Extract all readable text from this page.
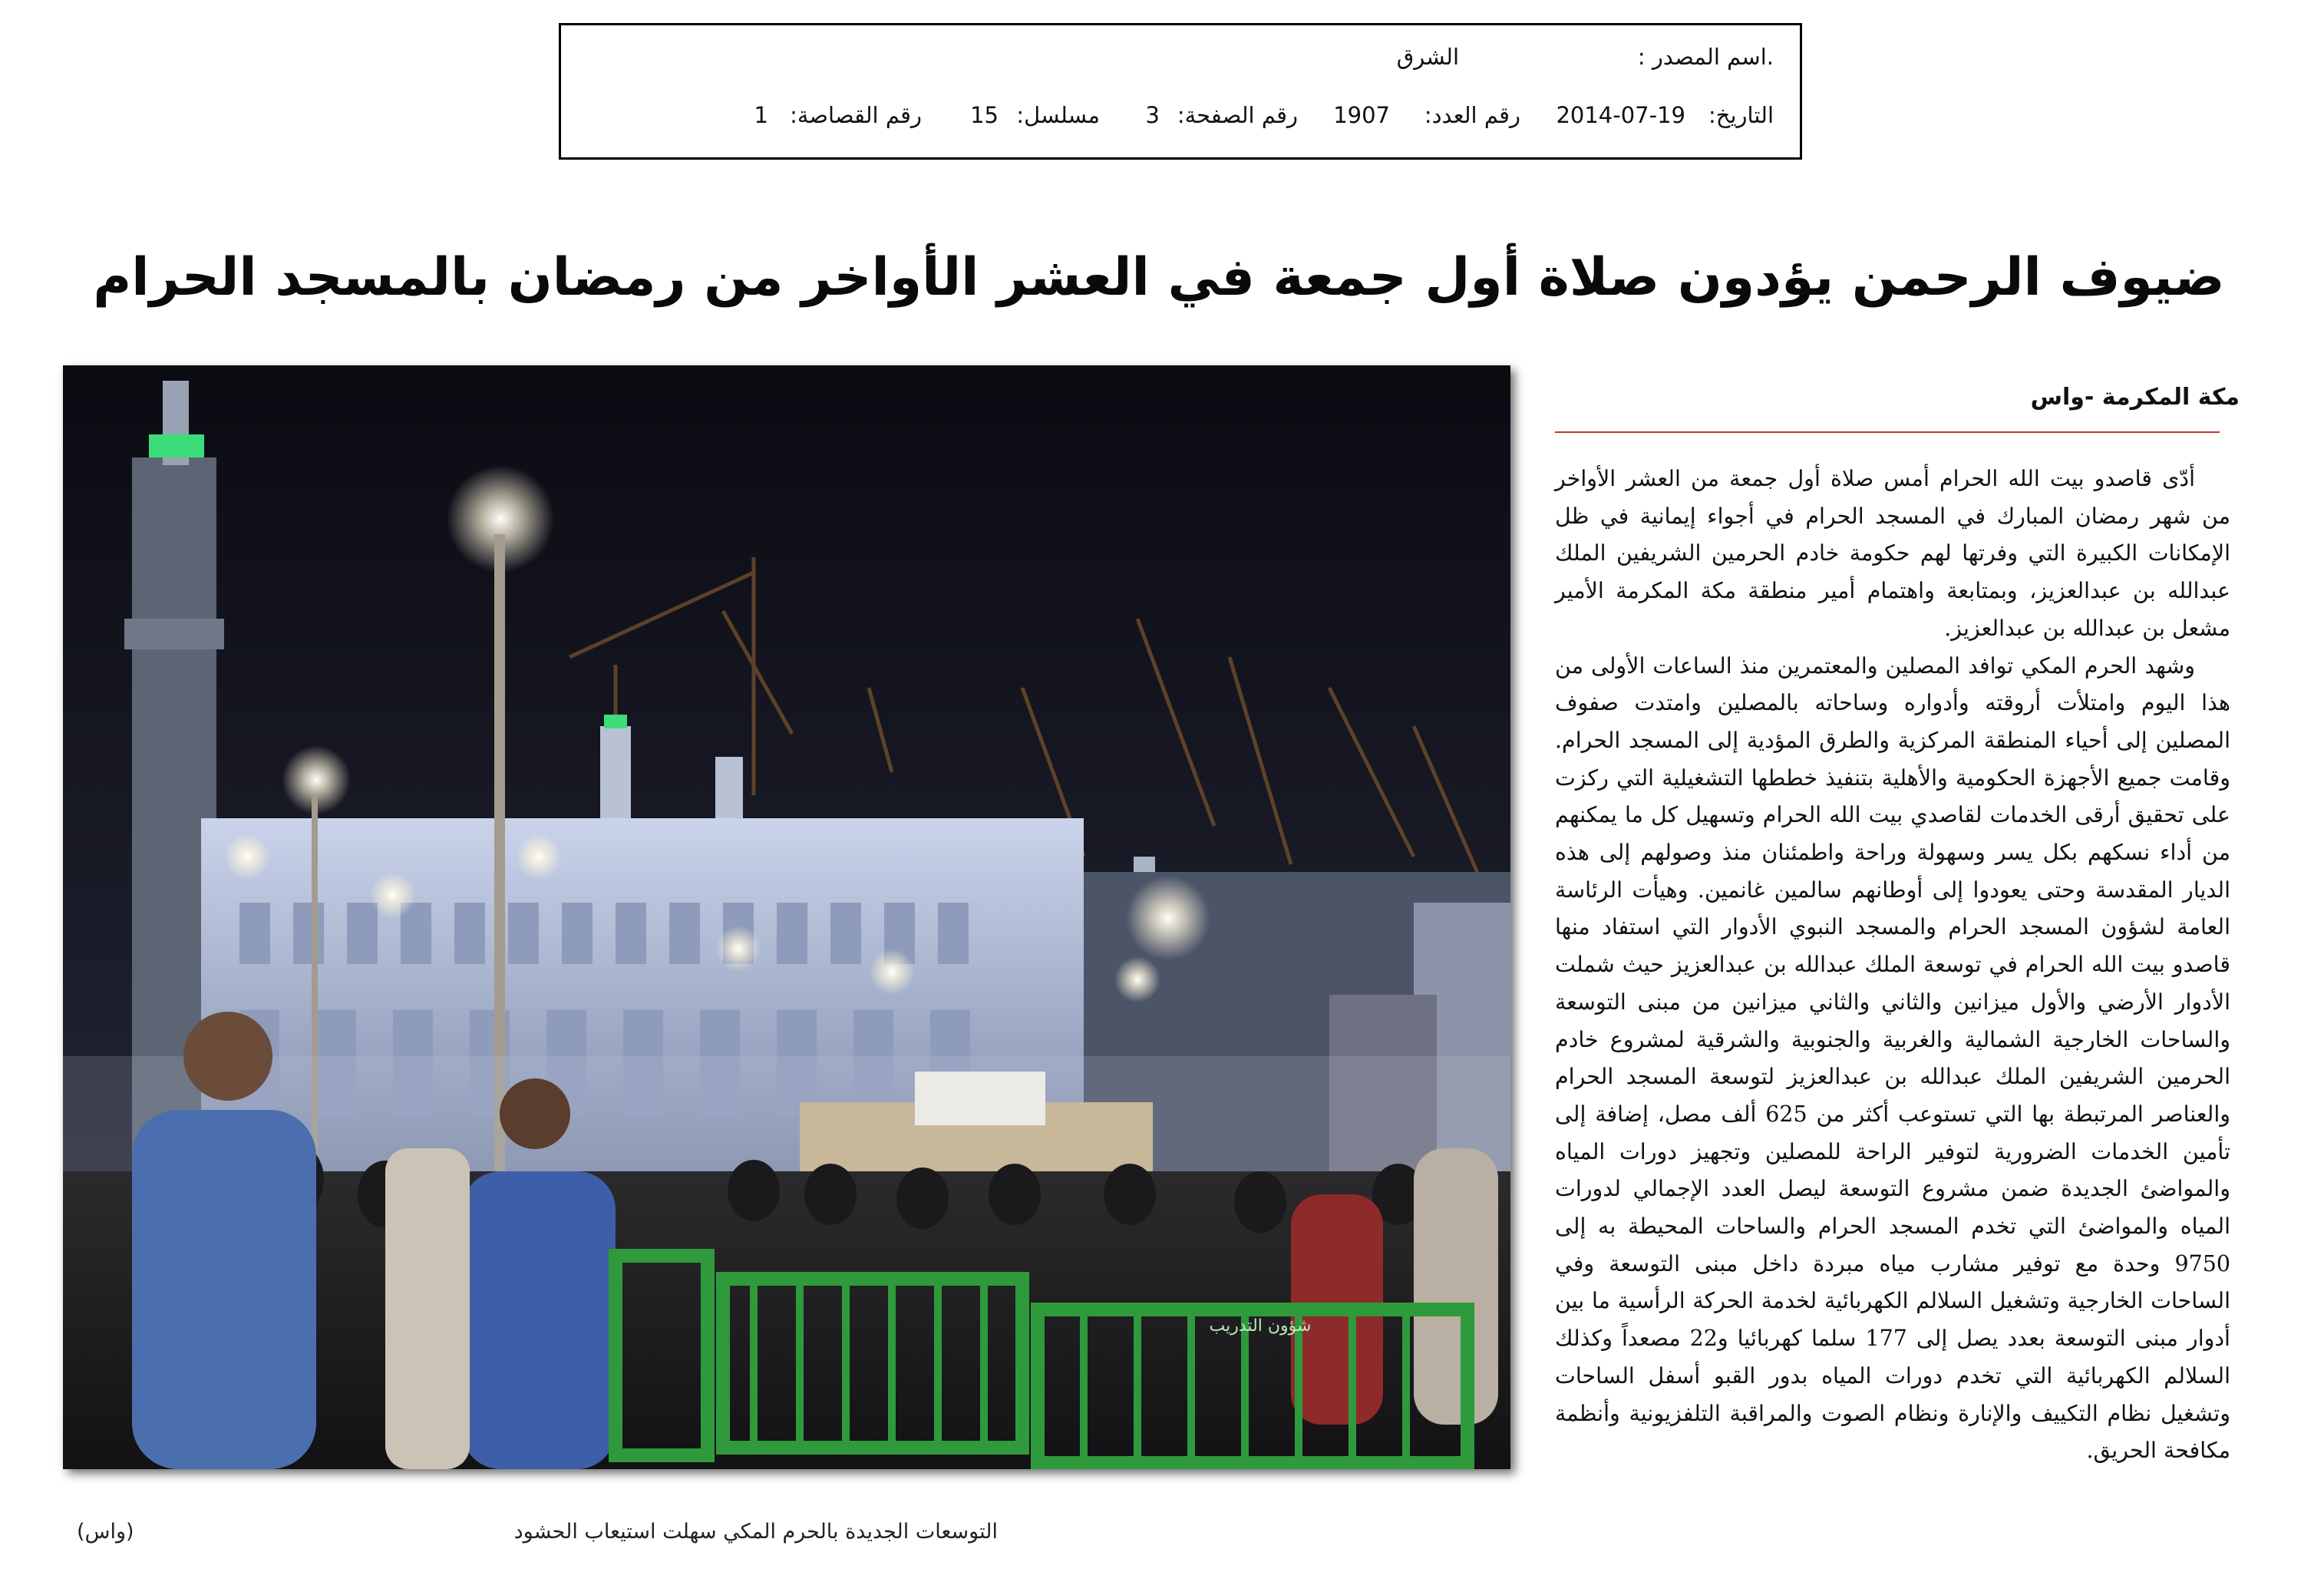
.اسم المصدر :
الشرق
التاريخ:
2014-07-19
رقم العدد:
1907
رقم الصفحة:
3
مسلسل:
15
رقم القصاصة:
1
ضيوف الرحمن يؤدون صلاة أول جمعة في العشر الأواخر من رمضان بالمسجد الحرام
شؤون التدريب
التوسعات الجديدة بالحرم المكي سهلت استيعاب الحشود
(واس)
مكة المكرمة -واس

أدّى قاصدو بيت الله الحرام أمس صلاة أول جمعة من العشر الأواخر من شهر رمضان المبارك في المسجد الحرام في أجواء إيمانية في ظل الإمكانات الكبيرة التي وفرتها لهم حكومة خادم الحرمين الشريفين الملك عبدالله بن عبدالعزيز، وبمتابعة واهتمام أمير منطقة مكة المكرمة الأمير مشعل بن عبدالله بن عبدالعزيز.

وشهد الحرم المكي توافد المصلين والمعتمرين منذ الساعات الأولى من هذا اليوم وامتلأت أروقته وأدواره وساحاته بالمصلين وامتدت صفوف المصلين إلى أحياء المنطقة المركزية والطرق المؤدية إلى المسجد الحرام. وقامت جميع الأجهزة الحكومية والأهلية بتنفيذ خططها التشغيلية التي ركزت على تحقيق أرقى الخدمات لقاصدي بيت الله الحرام وتسهيل كل ما يمكنهم من أداء نسكهم بكل يسر وسهولة وراحة واطمئنان منذ وصولهم إلى هذه الديار المقدسة وحتى يعودوا إلى أوطانهم سالمين غانمين. وهيأت الرئاسة العامة لشؤون المسجد الحرام والمسجد النبوي الأدوار التي استفاد منها قاصدو بيت الله الحرام في توسعة الملك عبدالله بن عبدالعزيز حيث شملت الأدوار الأرضي والأول ميزانين والثاني والثاني ميزانين من مبنى التوسعة والساحات الخارجية الشمالية والغربية والجنوبية والشرقية لمشروع خادم الحرمين الشريفين الملك عبدالله بن عبدالعزيز لتوسعة المسجد الحرام والعناصر المرتبطة بها التي تستوعب أكثر من 625 ألف مصل، إضافة إلى تأمين الخدمات الضرورية لتوفير الراحة للمصلين وتجهيز دورات المياه والمواضئ الجديدة ضمن مشروع التوسعة ليصل العدد الإجمالي لدورات المياه والمواضئ التي تخدم المسجد الحرام والساحات المحيطة به إلى 9750 وحدة مع توفير مشارب مياه مبردة داخل مبنى التوسعة وفي الساحات الخارجية وتشغيل السلالم الكهربائية لخدمة الحركة الرأسية ما بين أدوار مبنى التوسعة بعدد يصل إلى 177 سلما كهربائيا و22 مصعداً وكذلك السلالم الكهربائية التي تخدم دورات المياه بدور القبو أسفل الساحات وتشغيل نظام التكييف والإنارة ونظام الصوت والمراقبة التلفزيونية وأنظمة مكافحة الحريق.
